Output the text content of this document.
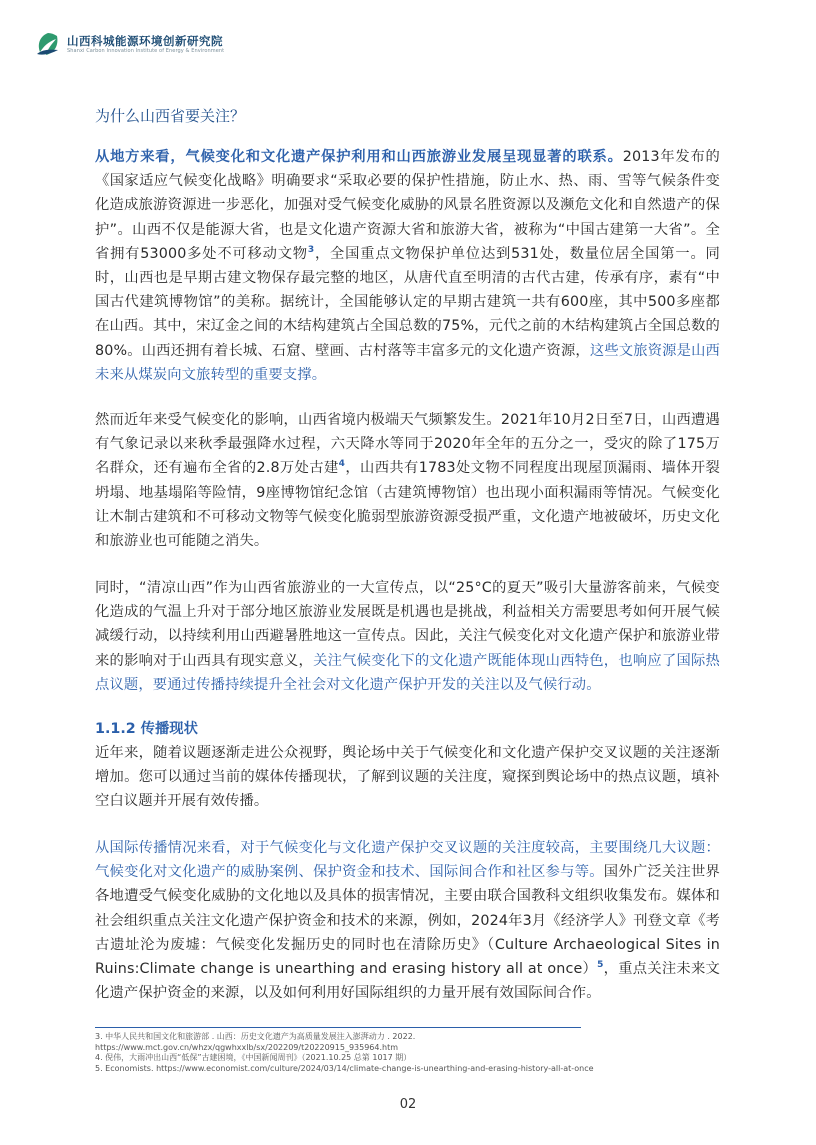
山西科城能源环境创新研究院
Shanxi Carbon Innovation Institute of Energy & Environment
为什么山西省要关注？

从地方来看，气候变化和文化遗产保护利用和山西旅游业发展呈现显著的联系。2013年发布的《国家适应气候变化战略》明确要求“采取必要的保护性措施，防止水、热、雨、雪等气候条件变化造成旅游资源进一步恶化，加强对受气候变化威胁的风景名胜资源以及濒危文化和自然遗产的保护”。山西不仅是能源大省，也是文化遗产资源大省和旅游大省，被称为“中国古建第一大省”。全省拥有53000多处不可移动文物$^3$，全国重点文物保护单位达到531处，数量位居全国第一。同时，山西也是早期古建文物保存最完整的地区，从唐代直至明清的古代古建，传承有序，素有“中国古代建筑博物馆”的美称。据统计，全国能够认定的早期古建筑一共有600座，其中500多座都在山西。其中，宋辽金之间的木结构建筑占全国总数的75%，元代之前的木结构建筑占全国总数的80%。山西还拥有着长城、石窟、壁画、古村落等丰富多元的文化遗产资源，这些文旅资源是山西未来从煤炭向文旅转型的重要支撑。

然而近年来受气候变化的影响，山西省境内极端天气频繁发生。2021年10月2日至7日，山西遭遇有气象记录以来秋季最强降水过程，六天降水等同于2020年全年的五分之一，受灾的除了175万名群众，还有遍布全省的2.8万处古建$^4$，山西共有1783处文物不同程度出现屋顶漏雨、墙体开裂坍塌、地基塌陷等险情，9座博物馆纪念馆（古建筑博物馆）也出现小面积漏雨等情况。气候变化让木制古建筑和不可移动文物等气候变化脆弱型旅游资源受损严重，文化遗产地被破坏，历史文化和旅游业也可能随之消失。

同时，“清凉山西”作为山西省旅游业的一大宣传点，以“25°C的夏天”吸引大量游客前来，气候变化造成的气温上升对于部分地区旅游业发展既是机遇也是挑战，利益相关方需要思考如何开展气候减缓行动，以持续利用山西避暑胜地这一宣传点。因此，关注气候变化对文化遗产保护和旅游业带来的影响对于山西具有现实意义，关注气候变化下的文化遗产既能体现山西特色，也响应了国际热点议题，要通过传播持续提升全社会对文化遗产保护开发的关注以及气候行动。

1.1.2 传播现状

近年来，随着议题逐渐走进公众视野，舆论场中关于气候变化和文化遗产保护交叉议题的关注逐渐增加。您可以通过当前的媒体传播现状，了解到议题的关注度，窥探到舆论场中的热点议题，填补空白议题并开展有效传播。

从国际传播情况来看，对于气候变化与文化遗产保护交叉议题的关注度较高，主要围绕几大议题：气候变化对文化遗产的威胁案例、保护资金和技术、国际间合作和社区参与等。国外广泛关注世界各地遭受气候变化威胁的文化地以及具体的损害情况，主要由联合国教科文组织收集发布。媒体和社会组织重点关注文化遗产保护资金和技术的来源，例如，2024年3月《经济学人》刊登文章《考古遗址沦为废墟：气候变化发掘历史的同时也在清除历史》（Culture Archaeological Sites in Ruins:Climate change is unearthing and erasing history all at once）$^5$，重点关注未来文化遗产保护资金的来源，以及如何利用好国际组织的力量开展有效国际间合作。

3. 中华人民共和国文化和旅游部 . 山西：历史文化遗产为高质量发展注入澎湃动力 . 2022.
https://www.mct.gov.cn/whzx/qgwhxxlb/sx/202209/t20220915_935964.htm
4. 倪伟，大雨冲出山西“低保”古建困境，《中国新闻周刊》（2021.10.25 总第 1017 期）
5. Economists. https://www.economist.com/culture/2024/03/14/climate-change-is-unearthing-and-erasing-history-all-at-once
02
